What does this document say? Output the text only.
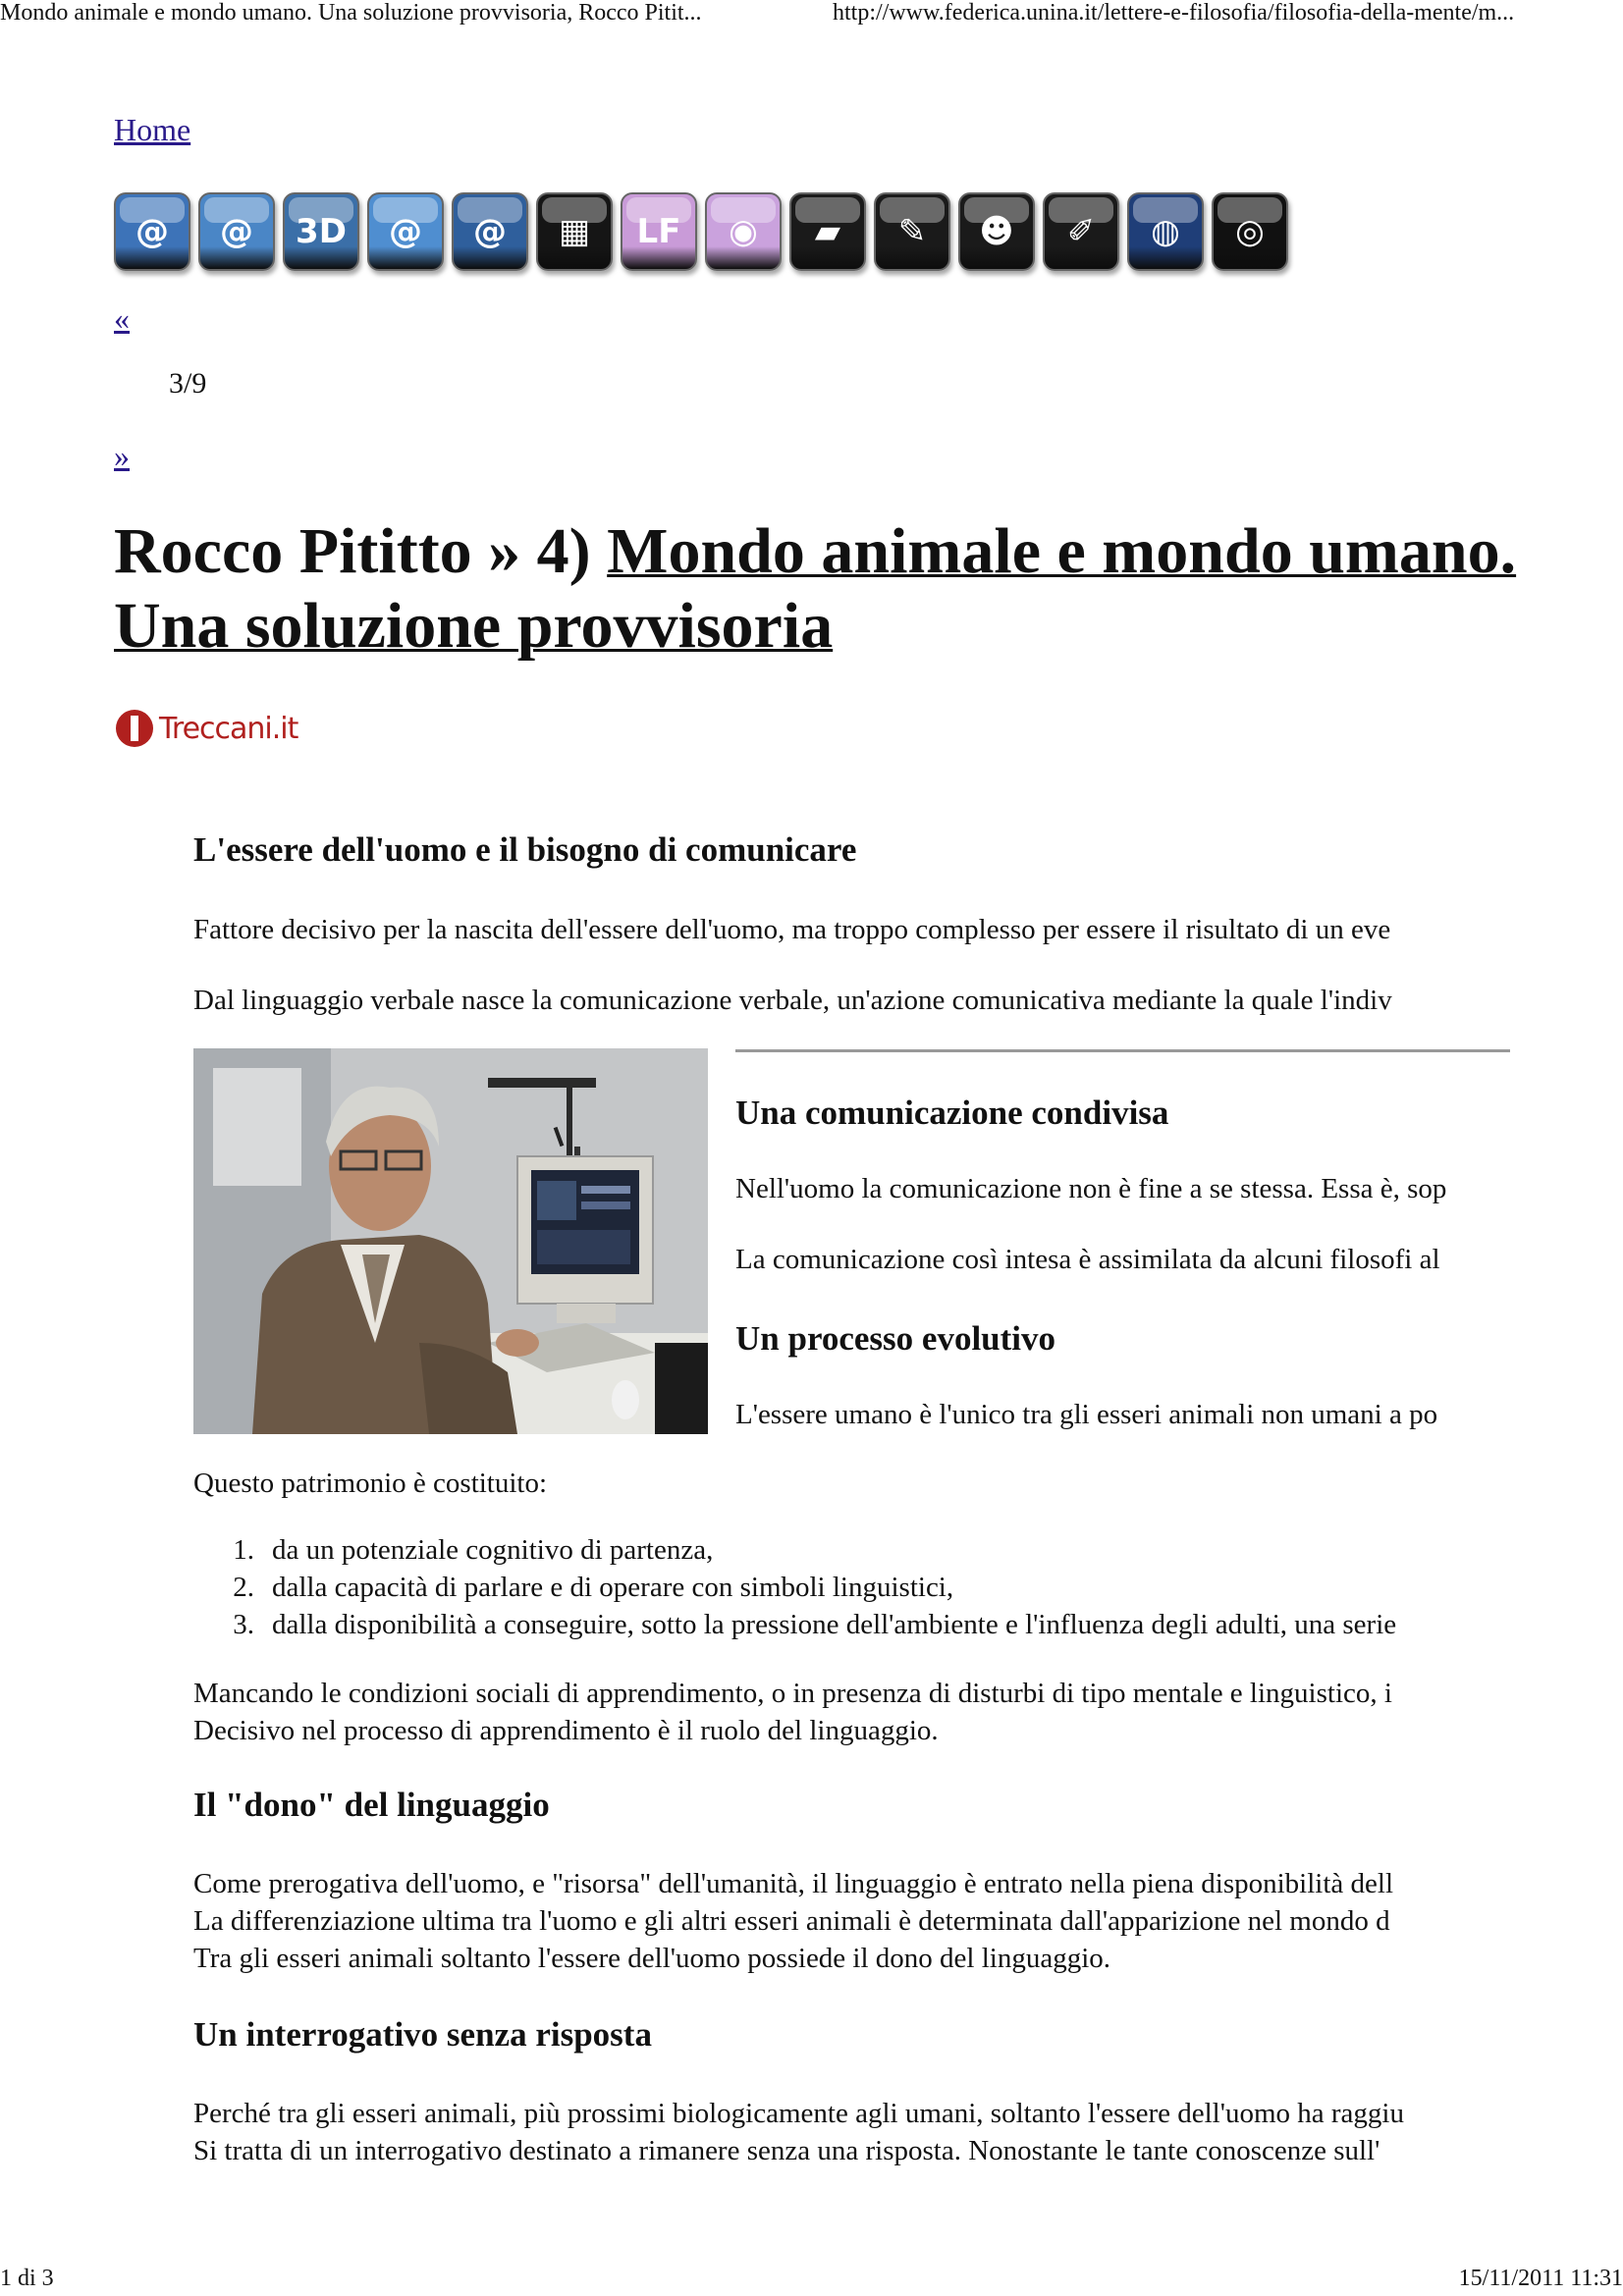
Mondo animale e mondo umano. Una soluzione provvisoria, Rocco Pitit...	http://www.federica.unina.it/lettere-e-filosofia/filosofia-della-mente/m...
Home
@	@	3D	@	@	▦	LF	◉	▰	✎	☻	✐	◍	◎
«
3/9
»
Rocco Pititto » 4) Mondo animale e mondo umano.
Una soluzione provvisoria
Treccani.it
L'essere dell'uomo e il bisogno di comunicare

Fattore decisivo per la nascita dell'essere dell'uomo, ma troppo complesso per essere il risultato di un eve

Dal linguaggio verbale nasce la comunicazione verbale, un'azione comunicativa mediante la quale l'indiv

Una comunicazione condivisa

Nell'uomo la comunicazione non è fine a se stessa. Essa è, sop

La comunicazione così intesa è assimilata da alcuni filosofi al

Un processo evolutivo

L'essere umano è l'unico tra gli esseri animali non umani a po

Questo patrimonio è costituito:

1. da un potenziale cognitivo di partenza,
2. dalla capacità di parlare e di operare con simboli linguistici,
3. dalla disponibilità a conseguire, sotto la pressione dell'ambiente e l'influenza degli adulti, una serie

Mancando le condizioni sociali di apprendimento, o in presenza di disturbi di tipo mentale e linguistico, i

Decisivo nel processo di apprendimento è il ruolo del linguaggio.

Il "dono" del linguaggio

Come prerogativa dell'uomo, e "risorsa" dell'umanità, il linguaggio è entrato nella piena disponibilità dell

La differenziazione ultima tra l'uomo e gli altri esseri animali è determinata dall'apparizione nel mondo d

Tra gli esseri animali soltanto l'essere dell'uomo possiede il dono del linguaggio.

Un interrogativo senza risposta

Perché tra gli esseri animali, più prossimi biologicamente agli umani, soltanto l'essere dell'uomo ha raggiu

Si tratta di un interrogativo destinato a rimanere senza una risposta. Nonostante le tante conoscenze sull'

1 di 3	15/11/2011 11:31
